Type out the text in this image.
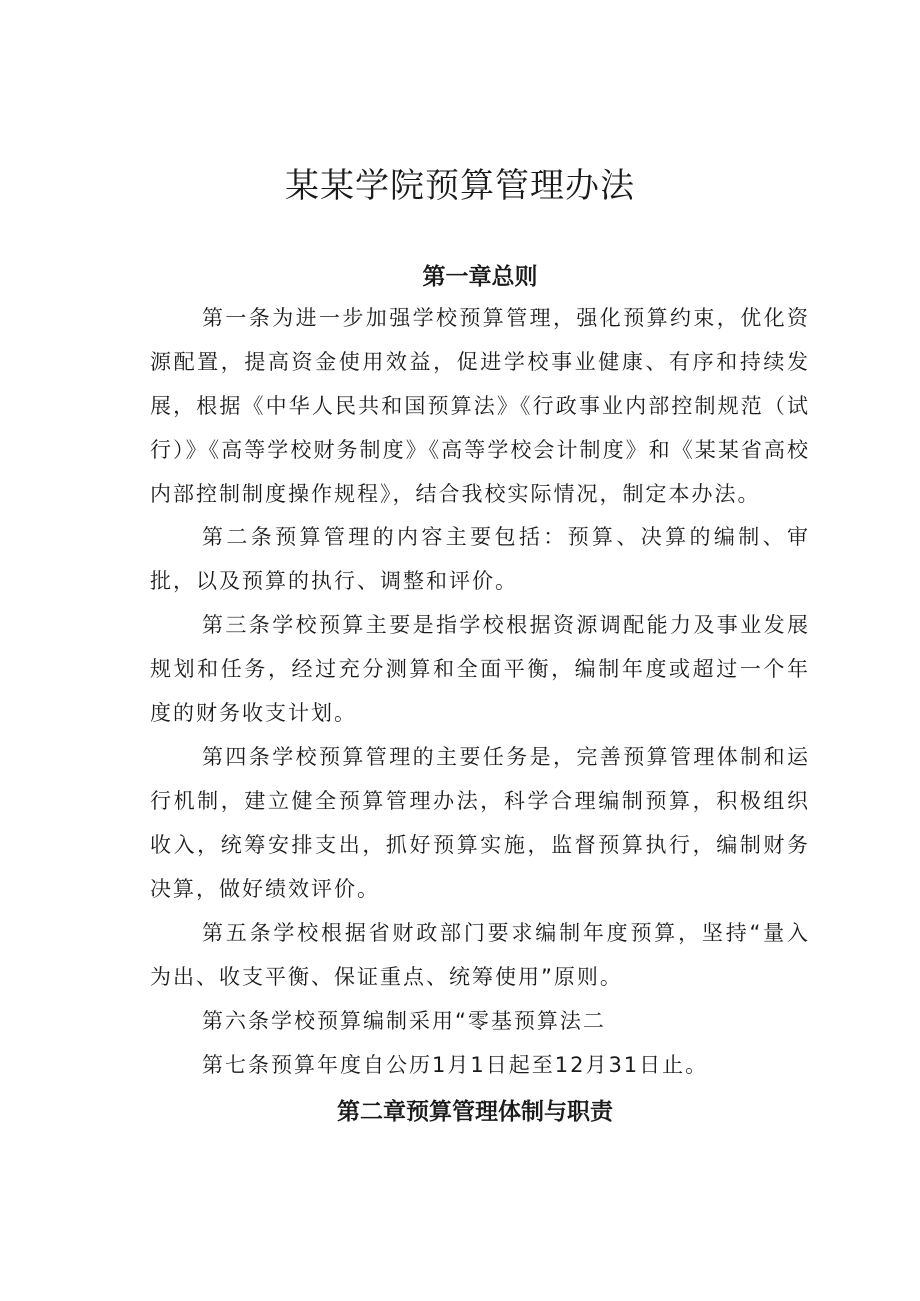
某某学院预算管理办法
第一章总则

第一条为进一步加强学校预算管理，强化预算约束，优化资源配置，提高资金使用效益，促进学校事业健康、有序和持续发展，根据《中华人民共和国预算法》《行政事业内部控制规范（试行）》《高等学校财务制度》《高等学校会计制度》和《某某省高校内部控制制度操作规程》，结合我校实际情况，制定本办法。

第二条预算管理的内容主要包括：预算、决算的编制、审批，以及预算的执行、调整和评价。

第三条学校预算主要是指学校根据资源调配能力及事业发展规划和任务，经过充分测算和全面平衡，编制年度或超过一个年度的财务收支计划。

第四条学校预算管理的主要任务是，完善预算管理体制和运行机制，建立健全预算管理办法，科学合理编制预算，积极组织收入，统筹安排支出，抓好预算实施，监督预算执行，编制财务决算，做好绩效评价。

第五条学校根据省财政部门要求编制年度预算，坚持“量入为出、收支平衡、保证重点、统筹使用”原则。

第六条学校预算编制采用“零基预算法二

第七条预算年度自公历1月1日起至12月31日止。

第二章预算管理体制与职责
